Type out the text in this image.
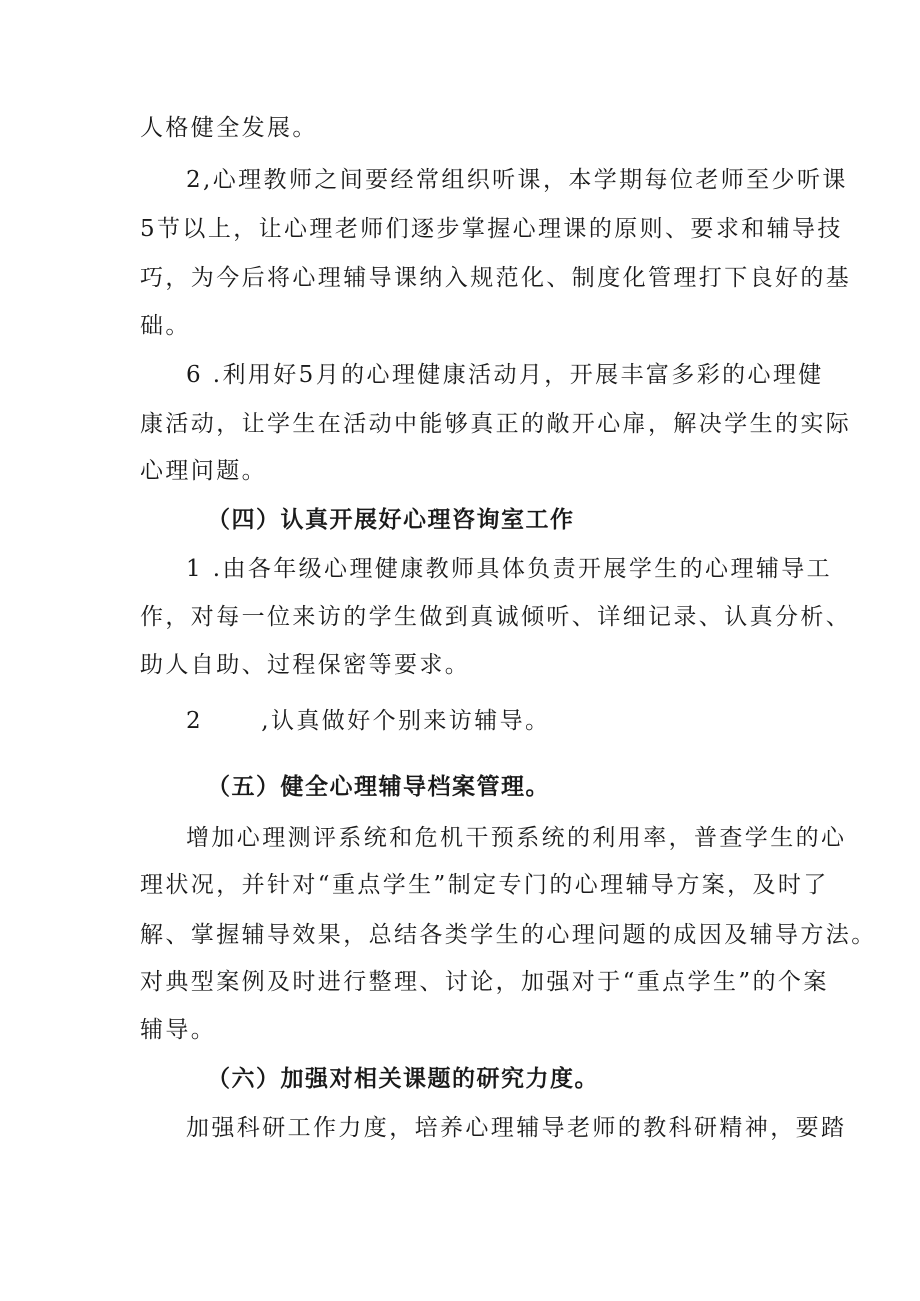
人格健全发展。
2,心理教师之间要经常组织听课，本学期每位老师至少听课
5节以上，让心理老师们逐步掌握心理课的原则、要求和辅导技
巧，为今后将心理辅导课纳入规范化、制度化管理打下良好的基
础。
6 .利用好5月的心理健康活动月，开展丰富多彩的心理健
康活动，让学生在活动中能够真正的敞开心扉，解决学生的实际
心理问题。
（四）认真开展好心理咨询室工作
1 .由各年级心理健康教师具体负责开展学生的心理辅导工
作，对每一位来访的学生做到真诚倾听、详细记录、认真分析、
助人自助、过程保密等要求。
2      ,认真做好个别来访辅导。
（五）健全心理辅导档案管理。
增加心理测评系统和危机干预系统的利用率，普查学生的心
理状况，并针对“重点学生”制定专门的心理辅导方案，及时了
解、掌握辅导效果，总结各类学生的心理问题的成因及辅导方法。
对典型案例及时进行整理、讨论，加强对于“重点学生”的个案
辅导。
（六）加强对相关课题的研究力度。
加强科研工作力度，培养心理辅导老师的教科研精神，要踏
